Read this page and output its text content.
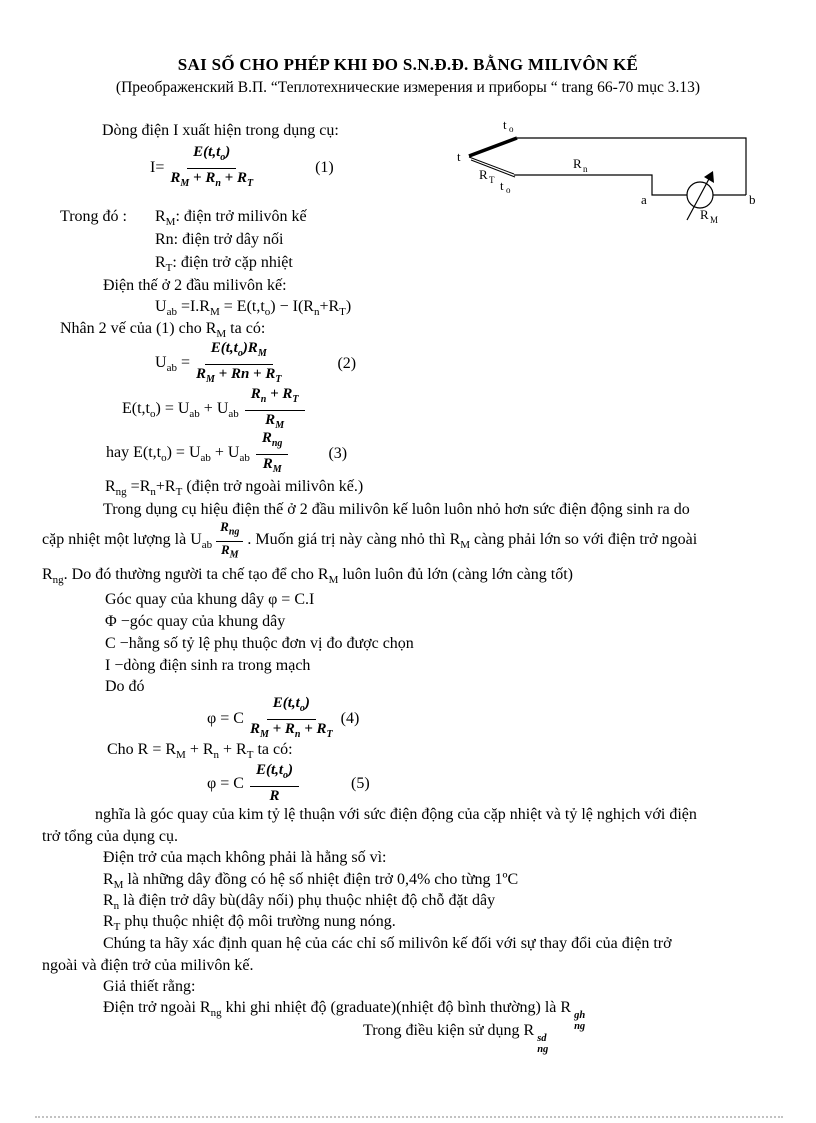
SAI SỐ CHO PHÉP KHI ĐO S.N.Đ.Đ. BẰNG MILIVÔN KẾ
(Преображенский В.П. “Теплотехнические измерения и приборы “ trang 66-70 mục 3.13)
Dòng điện I xuất hiện trong dụng cụ:
$I= \frac{E(t,t_o)}{R_M + R_n + R_T}$	(1)
t
t o
R T t o
R n
a	b
R M
Trong đó : $R_M$: điện trở milivôn kế
Rn: điện trở dây nối
$R_T$: điện trở cặp nhiệt
Điện thế ở 2 đầu milivôn kế:
$U_{ab} =I.R_M = E(t,t_o) - I(R_n+R_T)$
Nhân 2 vế của (1) cho $R_M$ ta có:
$U_{ab} = \frac{E(t,t_o)R_M}{R_M + Rn + R_T}$	(2)
$E(t,t_o) = U_{ab} + U_{ab} \frac{R_n + R_T}{R_M}$
hay $E(t,t_o) = U_{ab} + U_{ab} \frac{R_{ng}}{R_M}$	(3)
$R_{ng} =R_n+R_T$ (điện trở ngoài milivôn kế.)
Trong dụng cụ hiệu điện thế ở 2 đầu milivôn kế luôn luôn nhỏ hơn sức điện động sinh ra do
cặp nhiệt một lượng là $U_{ab} \frac{R_{ng}}{R_M}$ . Muốn giá trị này càng nhỏ thì $R_M$ càng phải lớn so với điện trở ngoài
$R_{ng}$. Do đó thường người ta chế tạo để cho $R_M$ luôn luôn đủ lớn (càng lớn càng tốt)
Góc quay của khung dây φ = C.I
Φ −góc quay của khung dây
C −hằng số tỷ lệ phụ thuộc đơn vị đo được chọn
I −dòng điện sinh ra trong mạch
Do đó
φ = C $\frac{E(t,t_o)}{R_M + R_n + R_T} (4)$
Cho $R = R_M + R_n + R_T$ ta có:
φ = C $\frac{E(t,t_o)}{R}$	(5)
nghĩa là góc quay của kim tỷ lệ thuận với sức điện động của cặp nhiệt và tỷ lệ nghịch với điện
trở tổng của dụng cụ.
Điện trở của mạch không phải là hằng số vì:
$R_M$ là những dây đồng có hệ số nhiệt điện trở 0,4% cho từng 1ºC
$R_n$ là điện trở dây bù(dây nối) phụ thuộc nhiệt độ chỗ đặt dây
$R_T$ phụ thuộc nhiệt độ môi trường nung nóng.
Chúng ta hãy xác định quan hệ của các chỉ số milivôn kế đối với sự thay đổi của điện trở
ngoài và điện trở của milivôn kế.
Giả thiết rằng:
Điện trở ngoài $R_{ng}$ khi ghi nhiệt độ (graduate)(nhiệt độ bình thường) là R gh
ng
Trong điều kiện sử dụng R sd
ng
